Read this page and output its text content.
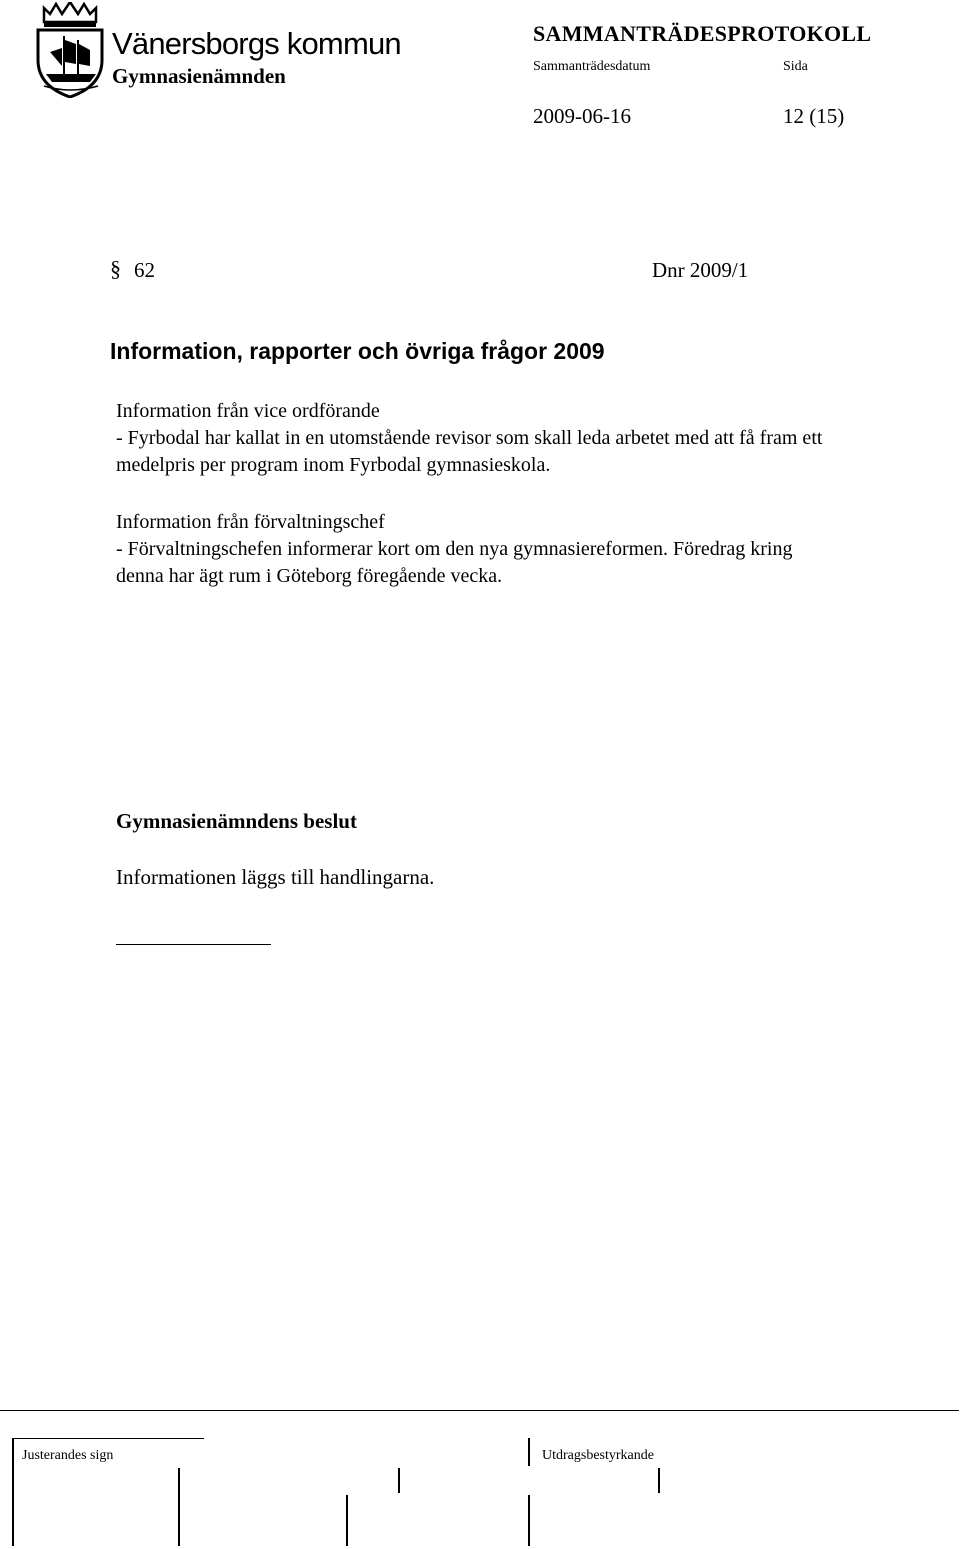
Vänersborgs kommun
Gymnasienämnden
SAMMANTRÄDESPROTOKOLL
Sammanträdesdatum	Sida
2009-06-16	12 (15)
§ 62	Dnr 2009/1
Information, rapporter och övriga frågor 2009
Information från vice ordförande
- Fyrbodal har kallat in en utomstående revisor som skall leda arbetet med att få fram ett
medelpris per program inom Fyrbodal gymnasieskola.
Information från förvaltningschef
- Förvaltningschefen informerar kort om den nya gymnasiereformen. Föredrag kring
denna har ägt rum i Göteborg föregående vecka.
Gymnasienämndens beslut
Informationen läggs till handlingarna.
Justerandes sign	Utdragsbestyrkande
